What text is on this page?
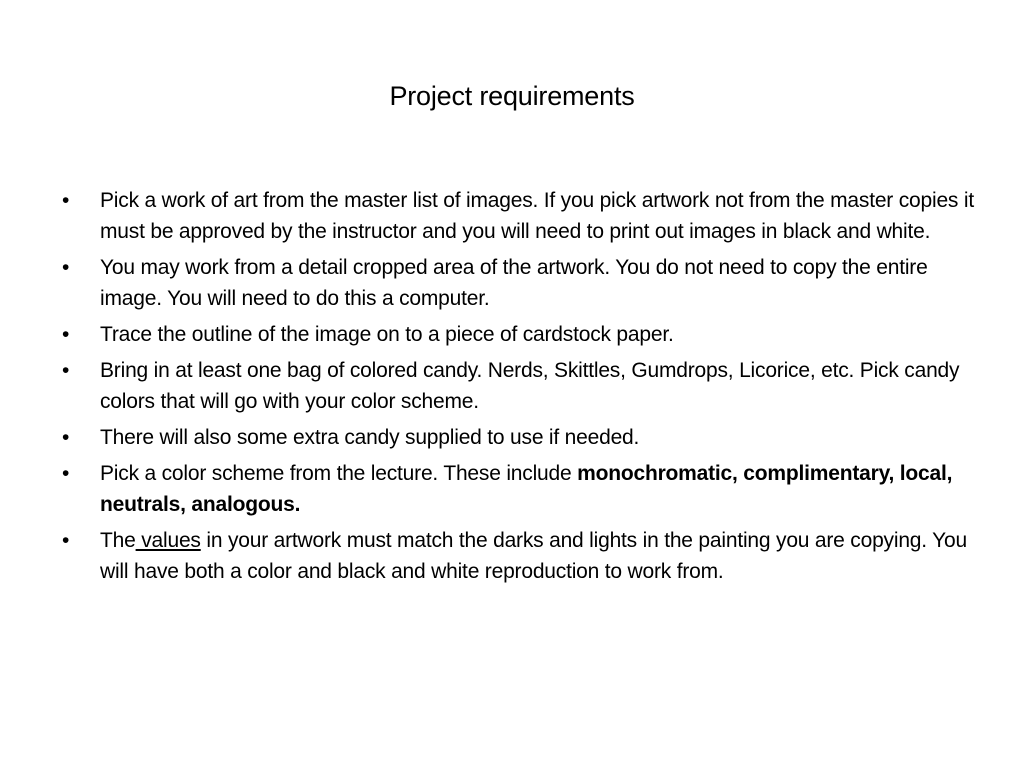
Project requirements
• Pick a work of art from the master list of images. If you pick artwork not from the master copies it must be approved by the instructor and you will need to print out images in black and white.
• You may work from a detail cropped area of the artwork. You do not need to copy the entire image. You will need to do this a computer.
• Trace the outline of the image on to a piece of cardstock paper.
• Bring in at least one bag of colored candy. Nerds, Skittles, Gumdrops, Licorice, etc. Pick candy colors that will go with your color scheme.
• There will also some extra candy supplied to use if needed.
• Pick a color scheme from the lecture. These include monochromatic, complimentary, local, neutrals, analogous.
• The values in your artwork must match the darks and lights in the painting you are copying. You will have both a color and black and white reproduction to work from.
